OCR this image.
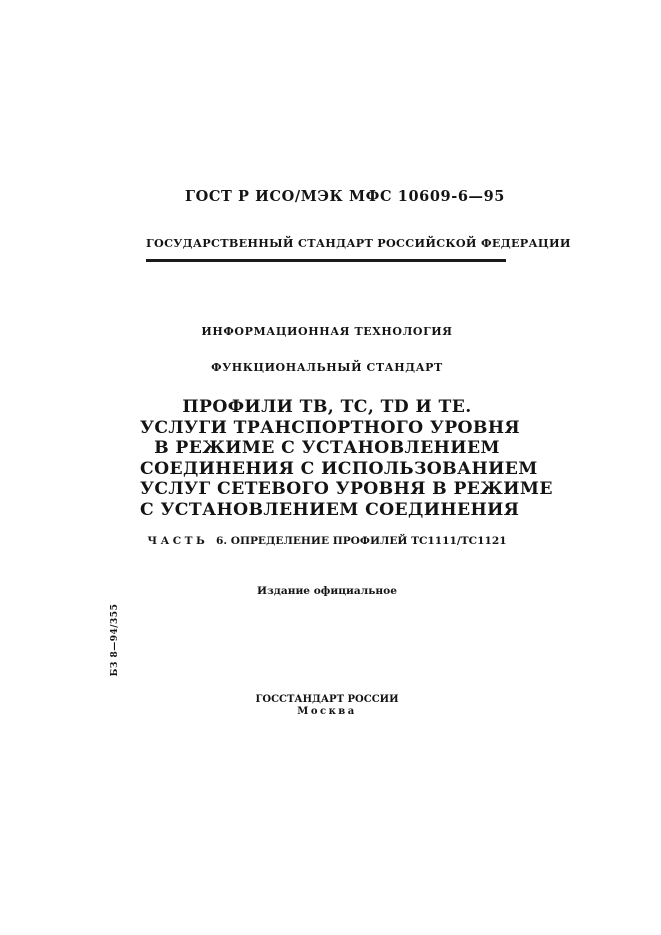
ГОСТ Р ИСО/МЭК МФС 10609-6—95
ГОСУДАРСТВЕННЫЙ СТАНДАРТ РОССИЙСКОЙ ФЕДЕРАЦИИ
ИНФОРМАЦИОННАЯ ТЕХНОЛОГИЯ
ФУНКЦИОНАЛЬНЫЙ СТАНДАРТ
ПРОФИЛИ ТВ, ТС, TD И ТЕ.
УСЛУГИ ТРАНСПОРТНОГО УРОВНЯ
В РЕЖИМЕ С УСТАНОВЛЕНИЕМ
СОЕДИНЕНИЯ С ИСПОЛЬЗОВАНИЕМ
УСЛУГ СЕТЕВОГО УРОВНЯ В РЕЖИМЕ
С УСТАНОВЛЕНИЕМ СОЕДИНЕНИЯ
ЧАСТЬ 6. ОПРЕДЕЛЕНИЕ ПРОФИЛЕЙ ТС1111/ТС1121
Издание официальное
БЗ 8—94/355
ГОССТАНДАРТ РОССИИ
Москва
